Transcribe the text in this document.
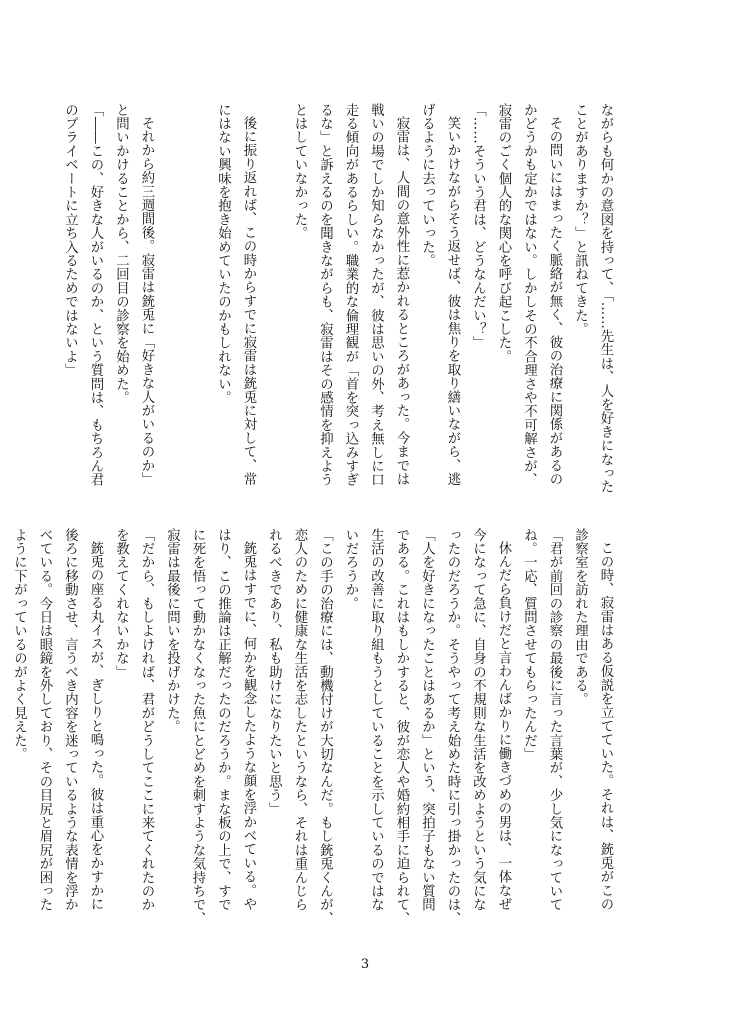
ながらも何かの意図を持って、「……先生は、人を好きになった
ことがありますか？」と訊ねてきた。
その問いにはまったく脈絡が無く、彼の治療に関係があるの
かどうかも定かではない。しかしその不合理さや不可解さが、
寂雷のごく個人的な関心を呼び起こした。
「……そういう君は、どうなんだい？」
笑いかけながらそう返せば、彼は焦りを取り繕いながら、逃
げるように去っていった。
寂雷は、人間の意外性に惹かれるところがあった。今までは
戦いの場でしか知らなかったが、彼は思いの外、考え無しに口
走る傾向があるらしい。職業的な倫理観が「首を突っ込みすぎ
るな」と訴えるのを聞きながらも、寂雷はその感情を抑えよう
とはしていなかった。

後に振り返れば、この時からすでに寂雷は銃兎に対して、常
にはない興味を抱き始めていたのかもしれない。

それから約三週間後。寂雷は銃兎に「好きな人がいるのか」
と問いかけることから、二回目の診察を始めた。
「――この、好きな人がいるのか、という質問は、もちろん君
のプライベートに立ち入るためではないよ」
この時、寂雷はある仮説を立てていた。それは、銃兎がこの
診察室を訪れた理由である。
「君が前回の診察の最後に言った言葉が、少し気になっていて
ね。一応、質問させてもらったんだ」
休んだら負けだと言わんばかりに働きづめの男は、一体なぜ
今になって急に、自身の不規則な生活を改めようという気にな
ったのだろうか。そうやって考え始めた時に引っ掛かったのは、
「人を好きになったことはあるか」という、突拍子もない質問
である。これはもしかすると、彼が恋人や婚約相手に迫られて、
生活の改善に取り組もうとしていることを示しているのではな
いだろうか。
「この手の治療には、動機付けが大切なんだ。もし銃兎くんが、
恋人のために健康な生活を志したというなら、それは重んじら
れるべきであり、私も助けになりたいと思う」
銃兎はすでに、何かを観念したような顔を浮かべている。や
はり、この推論は正解だったのだろうか。まな板の上で、すで
に死を悟って動かなくなった魚にとどめを刺すような気持ちで、
寂雷は最後に問いを投げかけた。
「だから、もしよければ、君がどうしてここに来てくれたのか
を教えてくれないかな」
銃兎の座る丸イスが、ぎしりと鳴った。彼は重心をかすかに
後ろに移動させ、言うべき内容を迷っているような表情を浮か
べている。今日は眼鏡を外しており、その目尻と眉尻が困った
ように下がっているのがよく見えた。
3
